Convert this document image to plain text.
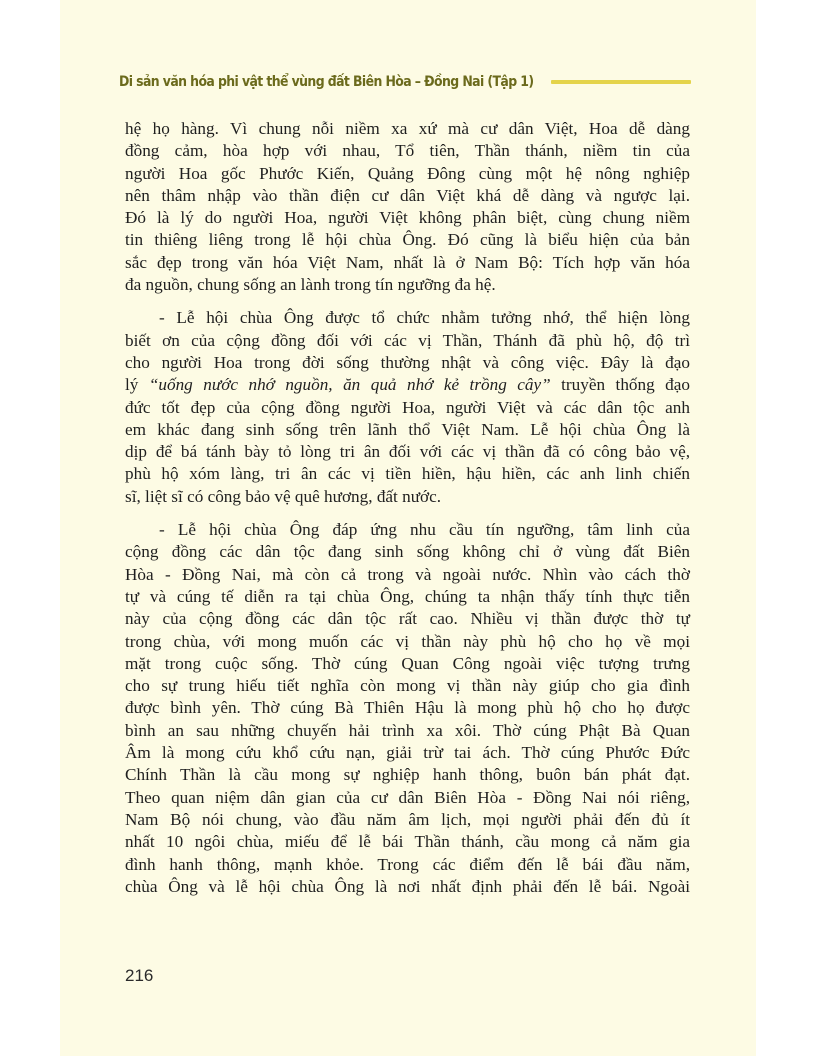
Di sản văn hóa phi vật thể vùng đất Biên Hòa – Đồng Nai (Tập 1)

hệ họ hàng. Vì chung nỗi niềm xa xứ mà cư dân Việt, Hoa dễ dàng
đồng cảm, hòa hợp với nhau, Tổ tiên, Thần thánh, niềm tin của
người Hoa gốc Phước Kiến, Quảng Đông cùng một hệ nông nghiệp
nên thâm nhập vào thần điện cư dân Việt khá dễ dàng và ngược lại.
Đó là lý do người Hoa, người Việt không phân biệt, cùng chung niềm
tin thiêng liêng trong lễ hội chùa Ông. Đó cũng là biểu hiện của bản
sắc đẹp trong văn hóa Việt Nam, nhất là ở Nam Bộ: Tích hợp văn hóa
đa nguồn, chung sống an lành trong tín ngưỡng đa hệ.

- Lễ hội chùa Ông được tổ chức nhằm tưởng nhớ, thể hiện lòng
biết ơn của cộng đồng đối với các vị Thần, Thánh đã phù hộ, độ trì
cho người Hoa trong đời sống thường nhật và công việc. Đây là đạo
lý “uống nước nhớ nguồn, ăn quả nhớ kẻ trồng cây” truyền thống đạo
đức tốt đẹp của cộng đồng người Hoa, người Việt và các dân tộc anh
em khác đang sinh sống trên lãnh thổ Việt Nam. Lễ hội chùa Ông là
dịp để bá tánh bày tỏ lòng tri ân đối với các vị thần đã có công bảo vệ,
phù hộ xóm làng, tri ân các vị tiền hiền, hậu hiền, các anh linh chiến
sĩ, liệt sĩ có công bảo vệ quê hương, đất nước.

- Lễ hội chùa Ông đáp ứng nhu cầu tín ngưỡng, tâm linh của
cộng đồng các dân tộc đang sinh sống không chỉ ở vùng đất Biên
Hòa - Đồng Nai, mà còn cả trong và ngoài nước. Nhìn vào cách thờ
tự và cúng tế diễn ra tại chùa Ông, chúng ta nhận thấy tính thực tiễn
này của cộng đồng các dân tộc rất cao. Nhiều vị thần được thờ tự
trong chùa, với mong muốn các vị thần này phù hộ cho họ về mọi
mặt trong cuộc sống. Thờ cúng Quan Công ngoài việc tượng trưng
cho sự trung hiếu tiết nghĩa còn mong vị thần này giúp cho gia đình
được bình yên. Thờ cúng Bà Thiên Hậu là mong phù hộ cho họ được
bình an sau những chuyến hải trình xa xôi. Thờ cúng Phật Bà Quan
Âm là mong cứu khổ cứu nạn, giải trừ tai ách. Thờ cúng Phước Đức
Chính Thần là cầu mong sự nghiệp hanh thông, buôn bán phát đạt.
Theo quan niệm dân gian của cư dân Biên Hòa - Đồng Nai nói riêng,
Nam Bộ nói chung, vào đầu năm âm lịch, mọi người phải đến đủ ít
nhất 10 ngôi chùa, miếu để lễ bái Thần thánh, cầu mong cả năm gia
đình hanh thông, mạnh khỏe. Trong các điểm đến lễ bái đầu năm,
chùa Ông và lễ hội chùa Ông là nơi nhất định phải đến lễ bái. Ngoài

216
